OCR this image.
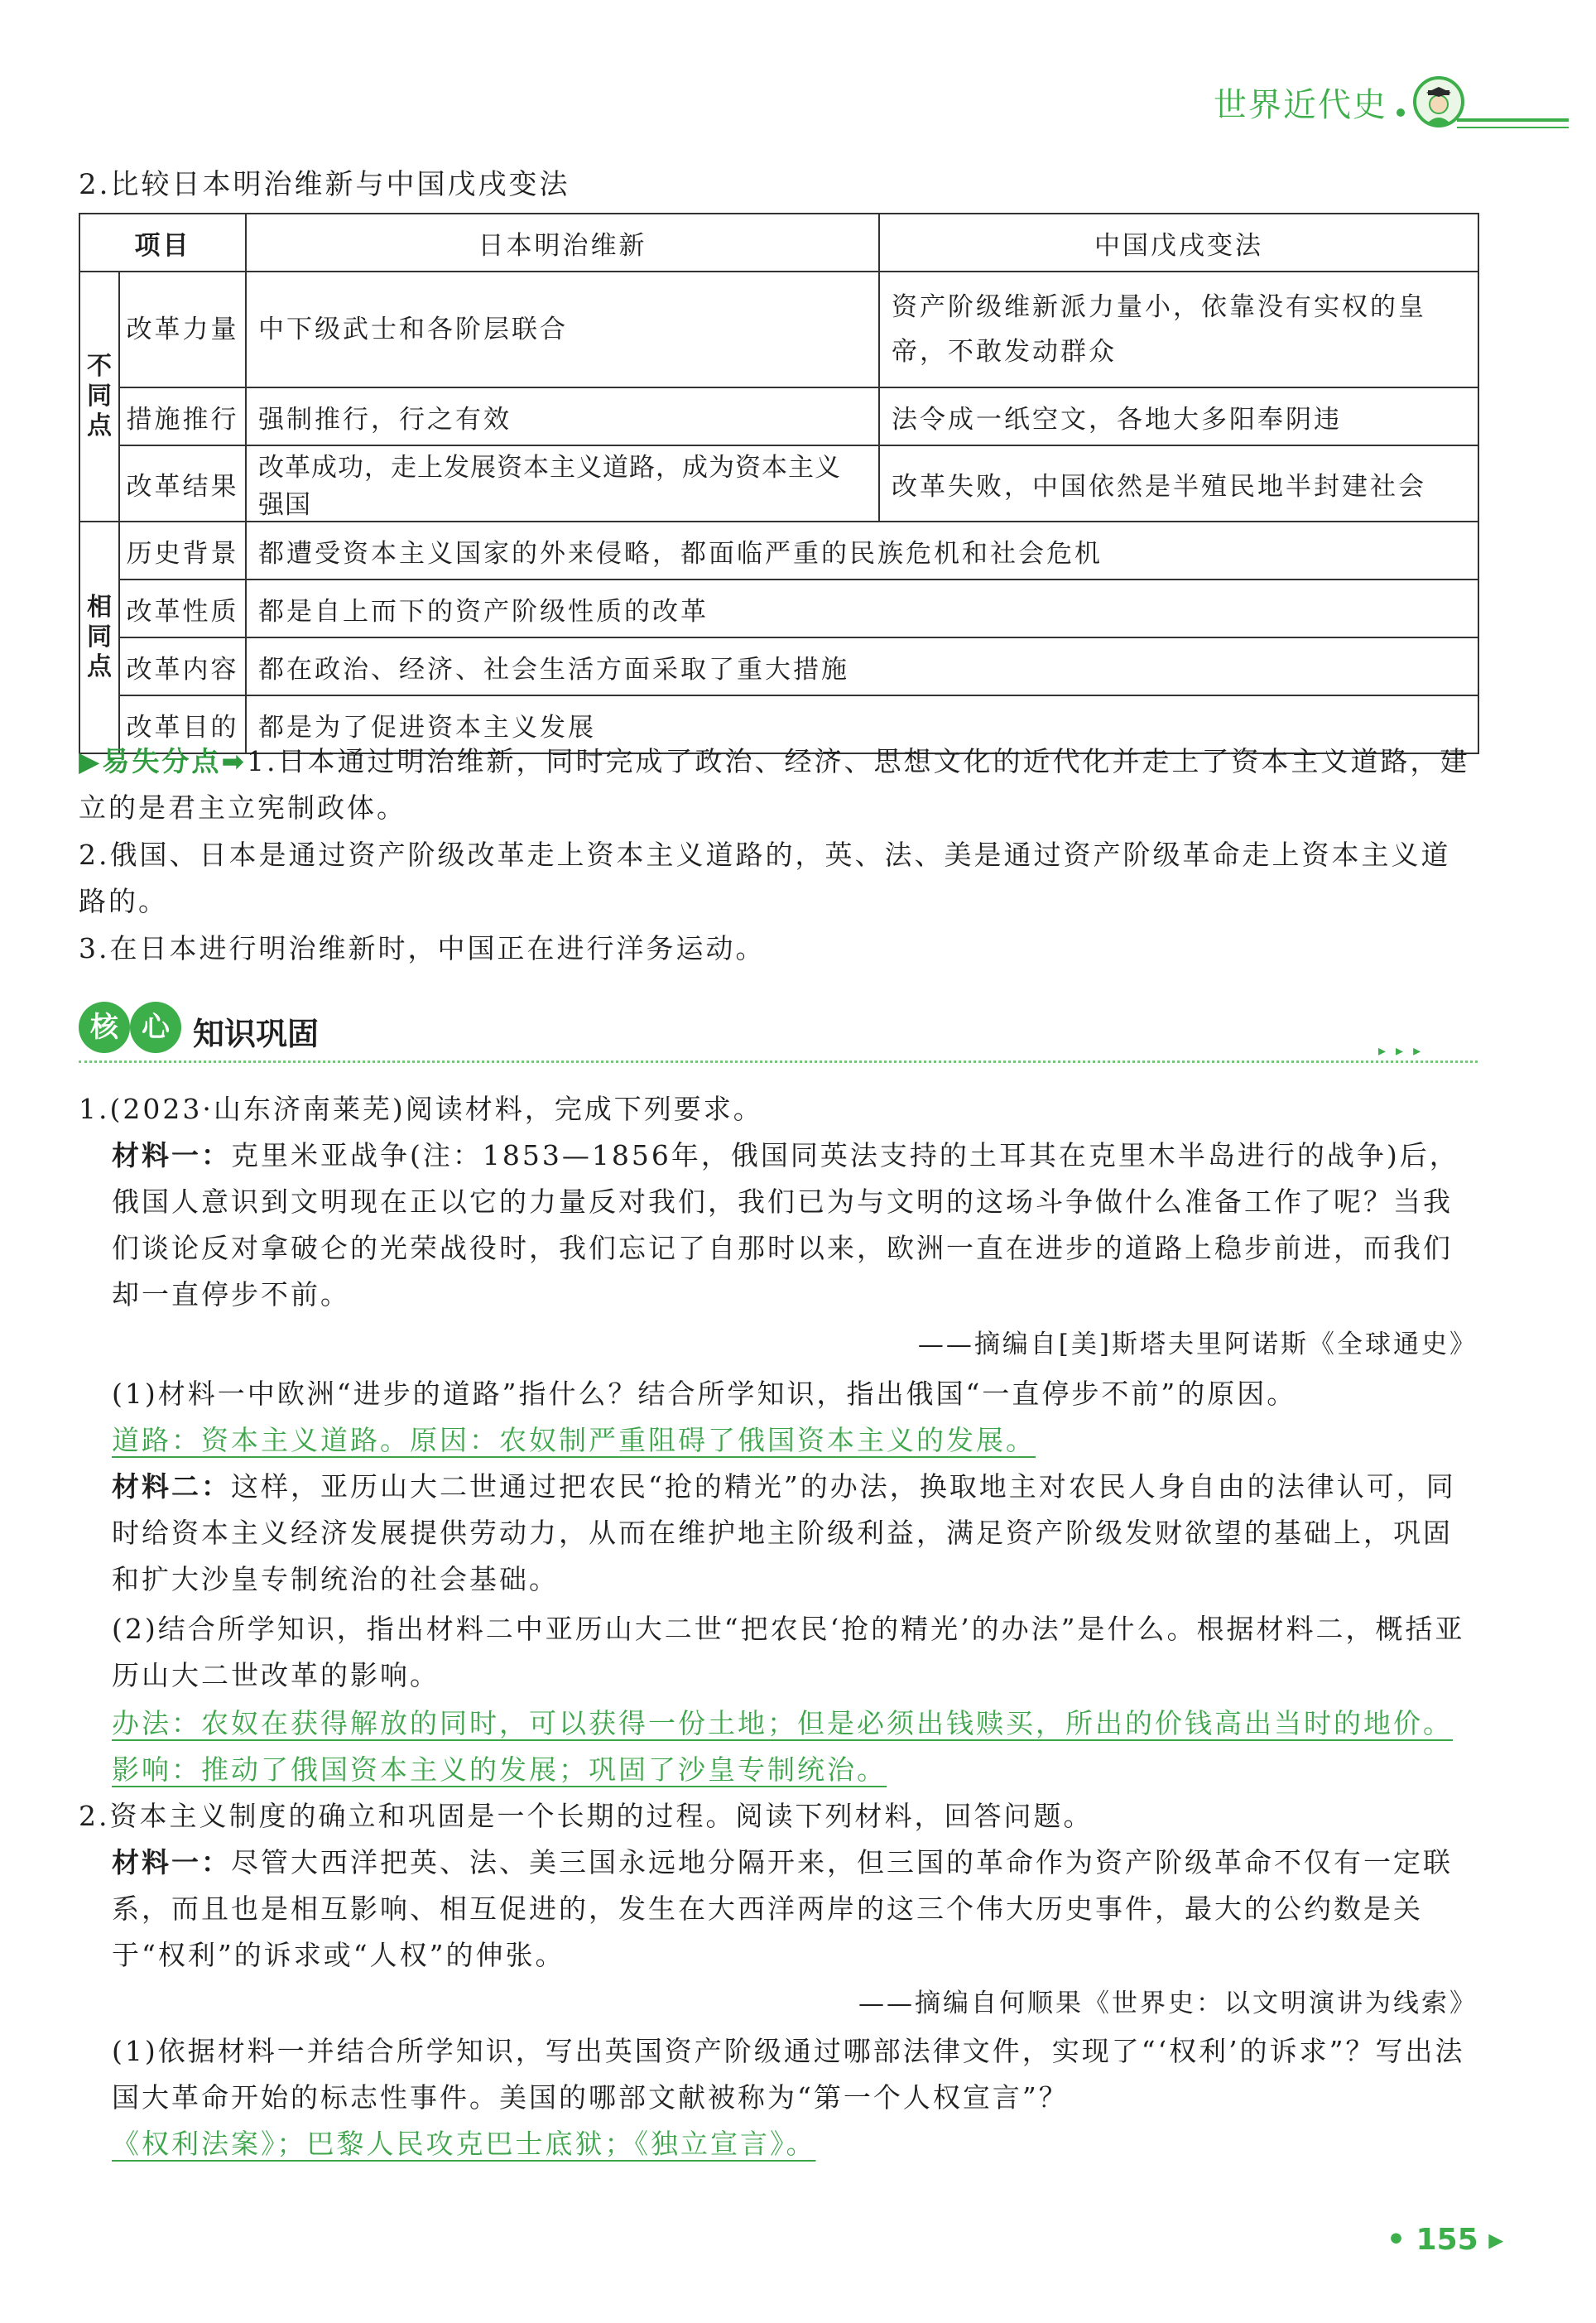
世界近代史
2.比较日本明治维新与中国戊戌变法
项目		日本明治维新	中国戊戌变法
不同点	改革力量	中下级武士和各阶层联合	资产阶级维新派力量小，依靠没有实权的皇帝，不敢发动群众
	措施推行	强制推行，行之有效	法令成一纸空文，各地大多阳奉阴违
	改革结果	改革成功，走上发展资本主义道路，成为资本主义强国	改革失败，中国依然是半殖民地半封建社会
相同点	历史背景	都遭受资本主义国家的外来侵略，都面临严重的民族危机和社会危机	
	改革性质	都是自上而下的资产阶级性质的改革	
	改革内容	都在政治、经济、社会生活方面采取了重大措施	
	改革目的	都是为了促进资本主义发展	
▶易失分点➡1.日本通过明治维新，同时完成了政治、经济、思想文化的近代化并走上了资本主义道路，建立的是君主立宪制政体。
2.俄国、日本是通过资产阶级改革走上资本主义道路的，英、法、美是通过资产阶级革命走上资本主义道路的。
3.在日本进行明治维新时，中国正在进行洋务运动。
核 心 知识巩固	▸▸▸
1.(2023·山东济南莱芜)阅读材料，完成下列要求。
材料一：克里米亚战争(注：1853—1856年，俄国同英法支持的土耳其在克里木半岛进行的战争)后，俄国人意识到文明现在正以它的力量反对我们，我们已为与文明的这场斗争做什么准备工作了呢？当我们谈论反对拿破仑的光荣战役时，我们忘记了自那时以来，欧洲一直在进步的道路上稳步前进，而我们却一直停步不前。
——摘编自[美]斯塔夫里阿诺斯《全球通史》
(1)材料一中欧洲“进步的道路”指什么？结合所学知识，指出俄国“一直停步不前”的原因。
道路：资本主义道路。原因：农奴制严重阻碍了俄国资本主义的发展。
材料二：这样，亚历山大二世通过把农民“抢的精光”的办法，换取地主对农民人身自由的法律认可，同时给资本主义经济发展提供劳动力，从而在维护地主阶级利益，满足资产阶级发财欲望的基础上，巩固和扩大沙皇专制统治的社会基础。
(2)结合所学知识，指出材料二中亚历山大二世“把农民‘抢的精光’的办法”是什么。根据材料二，概括亚历山大二世改革的影响。
办法：农奴在获得解放的同时，可以获得一份土地；但是必须出钱赎买，所出的价钱高出当时的地价。影响：推动了俄国资本主义的发展；巩固了沙皇专制统治。
2.资本主义制度的确立和巩固是一个长期的过程。阅读下列材料，回答问题。
材料一：尽管大西洋把英、法、美三国永远地分隔开来，但三国的革命作为资产阶级革命不仅有一定联系，而且也是相互影响、相互促进的，发生在大西洋两岸的这三个伟大历史事件，最大的公约数是关于“权利”的诉求或“人权”的伸张。
——摘编自何顺果《世界史：以文明演讲为线索》
(1)依据材料一并结合所学知识，写出英国资产阶级通过哪部法律文件，实现了“‘权利’的诉求”？写出法国大革命开始的标志性事件。美国的哪部文献被称为“第一个人权宣言”？
《权利法案》；巴黎人民攻克巴士底狱；《独立宣言》。
• 155 ▸
